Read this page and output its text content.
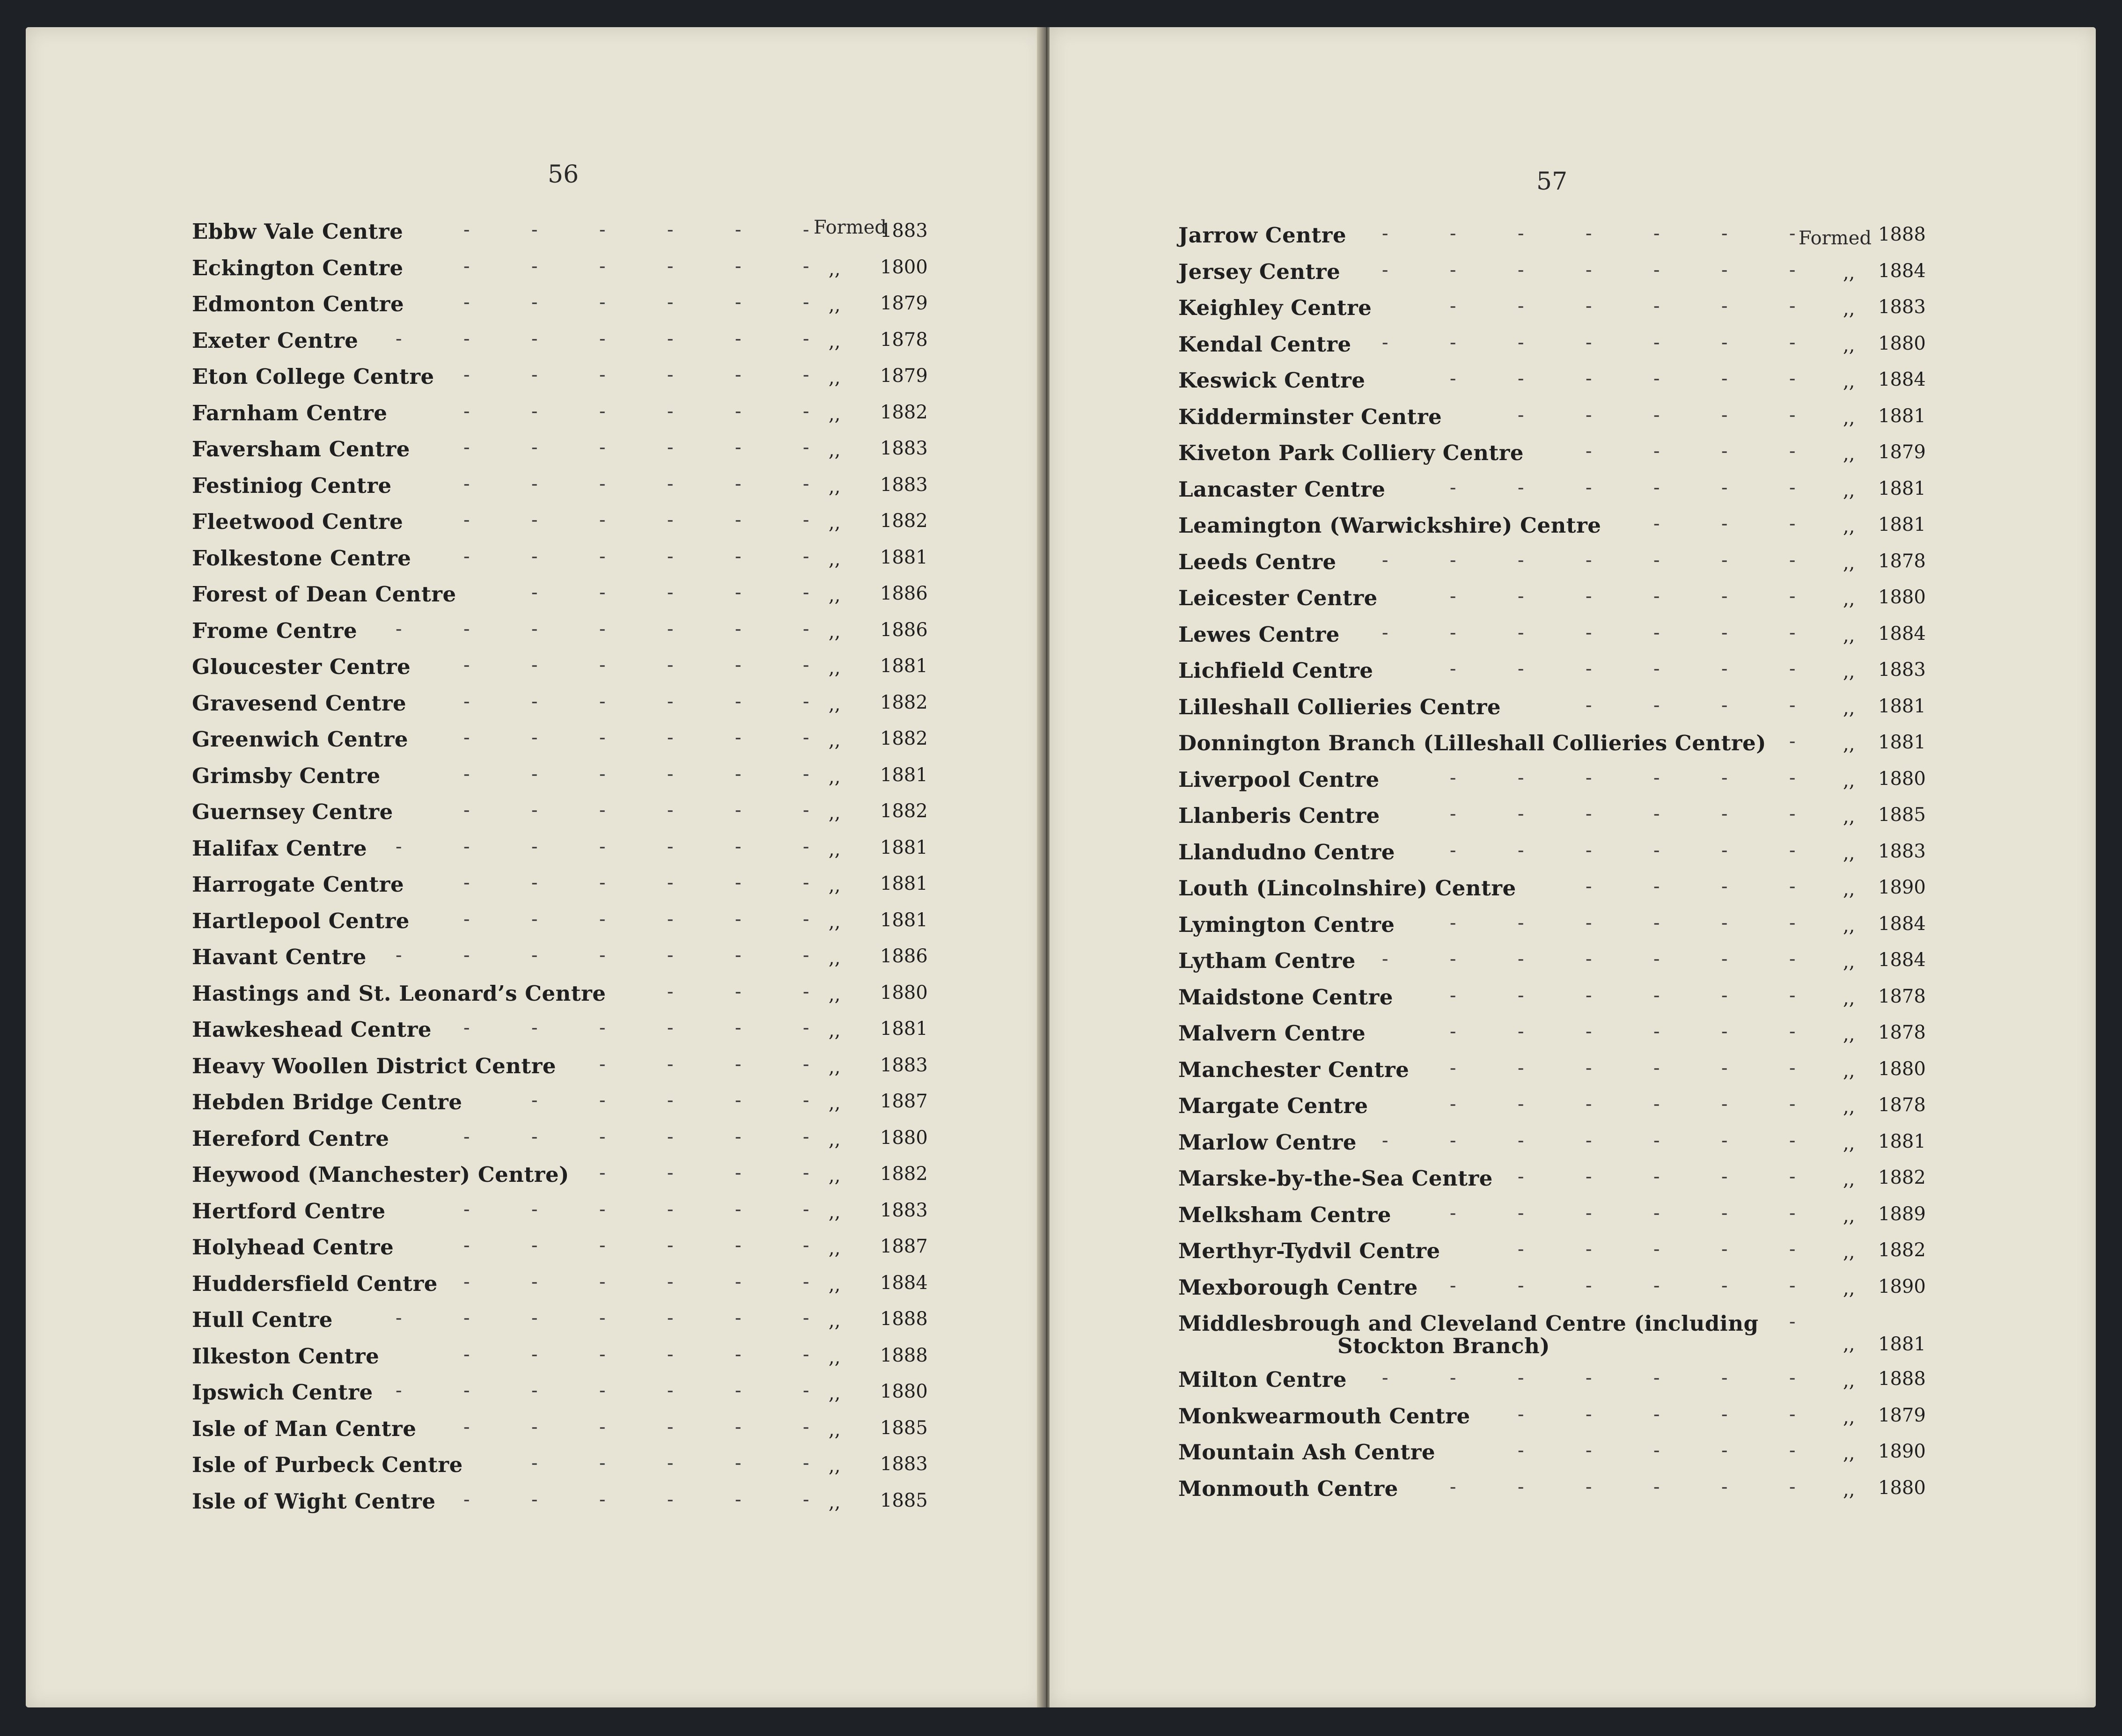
56
Formed
Ebbw Vale Centre	1883
-	-	-	-	-	-
Eckington Centre	,, 1800
-	-	-	-	-	-
Edmonton Centre	,, 1879
-	-	-	-	-	-
Exeter Centre	,, 1878
-	-	-	-	-	-	-
Eton College Centre	,, 1879
-	-	-	-	-	-
Farnham Centre	,, 1882
-	-	-	-	-	-
Faversham Centre	,, 1883
-	-	-	-	-	-
Festiniog Centre	,, 1883
-	-	-	-	-	-
Fleetwood Centre	,, 1882
-	-	-	-	-	-
Folkestone Centre	,, 1881
-	-	-	-	-	-
Forest of Dean Centre	,, 1886
-	-	-	-	-
Frome Centre	,, 1886
-	-	-	-	-	-	-
Gloucester Centre	,, 1881
-	-	-	-	-	-
Gravesend Centre	,, 1882
-	-	-	-	-	-
Greenwich Centre	,, 1882
-	-	-	-	-	-
Grimsby Centre	,, 1881
-	-	-	-	-	-
Guernsey Centre	,, 1882
-	-	-	-	-	-
Halifax Centre	,, 1881
-	-	-	-	-	-	-
Harrogate Centre	,, 1881
-	-	-	-	-	-
Hartlepool Centre	,, 1881
-	-	-	-	-	-
Havant Centre	,, 1886
-	-	-	-	-	-	-
Hastings and St. Leonard’s Centre	,, 1880
-	-	-
Hawkeshead Centre	,, 1881
-	-	-	-	-	-
Heavy Woollen District Centre	,, 1883
-	-	-	-
Hebden Bridge Centre	,, 1887
-	-	-	-	-
Hereford Centre	,, 1880
-	-	-	-	-	-
Heywood (Manchester) Centre)	,, 1882
-	-	-	-
Hertford Centre	,, 1883
-	-	-	-	-	-
Holyhead Centre	,, 1887
-	-	-	-	-	-
Huddersfield Centre	,, 1884
-	-	-	-	-	-
Hull Centre	,, 1888
-	-	-	-	-	-	-
Ilkeston Centre	,, 1888
-	-	-	-	-	-
Ipswich Centre	,, 1880
-	-	-	-	-	-	-
Isle of Man Centre	,, 1885
-	-	-	-	-	-
Isle of Purbeck Centre	,, 1883
-	-	-	-	-
Isle of Wight Centre	,, 1885
-	-	-	-	-	-
57
Formed
Jarrow Centre	1888
-	-	-	-	-	-	-
Jersey Centre	,, 1884
-	-	-	-	-	-	-
Keighley Centre	,, 1883
-	-	-	-	-	-
Kendal Centre	,, 1880
-	-	-	-	-	-	-
Keswick Centre	,, 1884
-	-	-	-	-	-
Kidderminster Centre	,, 1881
-	-	-	-	-
Kiveton Park Colliery Centre	,, 1879
-	-	-	-
Lancaster Centre	,, 1881
-	-	-	-	-	-
Leamington (Warwickshire) Centre	,, 1881
-	-	-
Leeds Centre	,, 1878
-	-	-	-	-	-	-
Leicester Centre	,, 1880
-	-	-	-	-	-
Lewes Centre	,, 1884
-	-	-	-	-	-	-
Lichfield Centre	,, 1883
-	-	-	-	-	-
Lilleshall Collieries Centre	,, 1881
-	-	-	-
Donnington Branch (Lilleshall Collieries Centre)	,, 1881
-
Liverpool Centre	,, 1880
-	-	-	-	-	-
Llanberis Centre	,, 1885
-	-	-	-	-	-
Llandudno Centre	,, 1883
-	-	-	-	-	-
Louth (Lincolnshire) Centre	,, 1890
-	-	-	-
Lymington Centre	,, 1884
-	-	-	-	-	-
Lytham Centre	,, 1884
-	-	-	-	-	-	-
Maidstone Centre	,, 1878
-	-	-	-	-	-
Malvern Centre	,, 1878
-	-	-	-	-	-
Manchester Centre	,, 1880
-	-	-	-	-	-
Margate Centre	,, 1878
-	-	-	-	-	-
Marlow Centre	,, 1881
-	-	-	-	-	-	-
Marske-by-the-Sea Centre	,, 1882
-	-	-	-	-
Melksham Centre	,, 1889
-	-	-	-	-	-
Merthyr-Tydvil Centre	,, 1882
-	-	-	-	-
Mexborough Centre	,, 1890
-	-	-	-	-	-
Middlesbrough and Cleveland Centre (including
Stockton Branch)	,, 1881
-
Milton Centre	,, 1888
-	-	-	-	-	-	-
Monkwearmouth Centre	,, 1879
-	-	-	-	-
Mountain Ash Centre	,, 1890
-	-	-	-	-
Monmouth Centre	,, 1880
-	-	-	-	-	-
